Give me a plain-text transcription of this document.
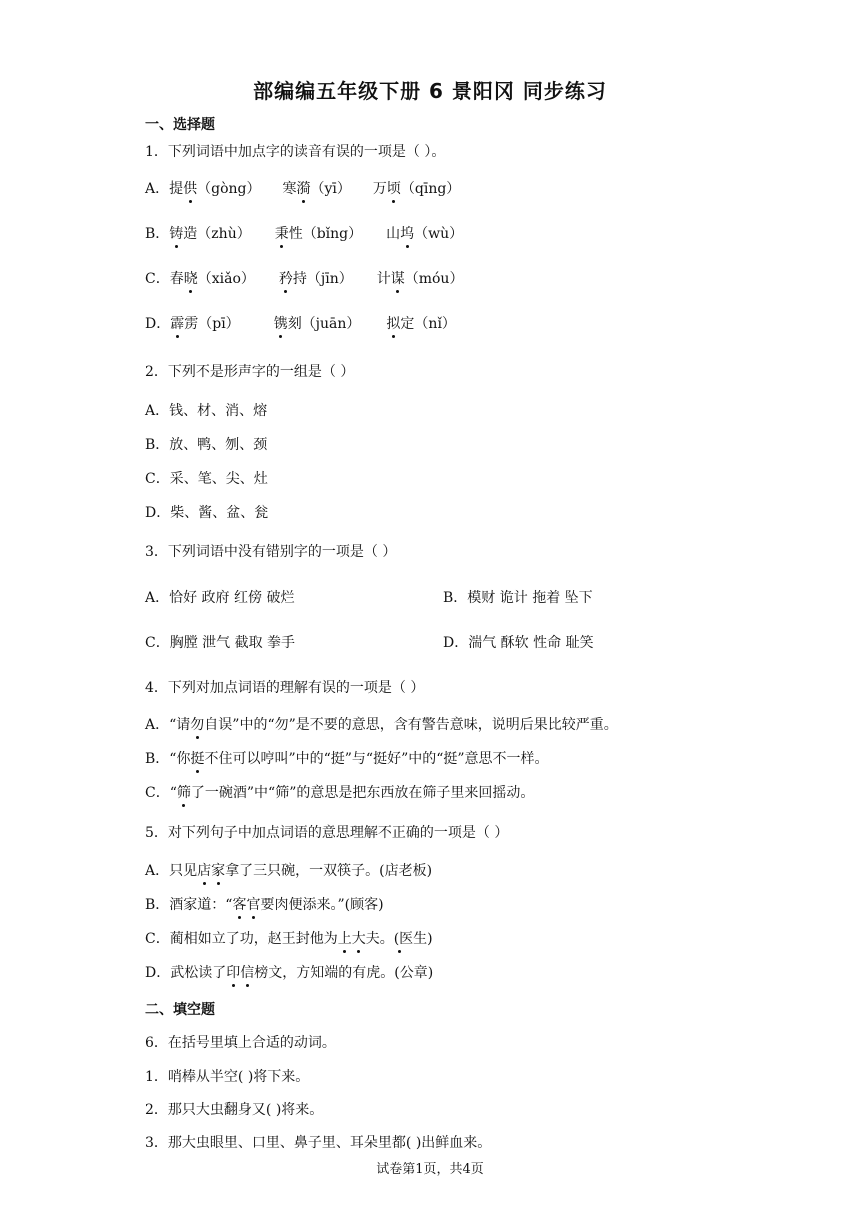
部编编五年级下册 6 景阳冈 同步练习
一、选择题
1．下列词语中加点字的读音有误的一项是（ ）。
A．提供（gòng） 寒漪（yī） 万顷（qīng）
B．铸造（zhù） 秉性（bǐng） 山坞（wù）
C．春晓（xiǎo） 矜持（jīn） 计谋（móu）
D．霹雳（pī） 镌刻（juān） 拟定（nǐ）
2．下列不是形声字的一组是（ ）
A．钱、材、消、熔
B．放、鸭、刎、颈
C．采、笔、尖、灶
D．柴、酱、盆、瓮
3．下列词语中没有错别字的一项是（ ）
A．恰好 政府 红傍 破烂	B．模财 诡计 拖着 坠下
C．胸膛 泄气 截取 拳手	D．湍气 酥软 性命 耻笑
4．下列对加点词语的理解有误的一项是（ ）
A．“请勿自误”中的“勿”是不要的意思，含有警告意味，说明后果比较严重。
B．“你挺不住可以哼叫”中的“挺”与“挺好”中的“挺”意思不一样。
C．“筛了一碗酒”中“筛”的意思是把东西放在筛子里来回摇动。
5．对下列句子中加点词语的意思理解不正确的一项是（ ）
A．只见店家拿了三只碗，一双筷子。(店老板)
B．酒家道：“客官要肉便添来。”(顾客)
C．蔺相如立了功，赵王封他为上大夫。(医生)
D．武松读了印信榜文，方知端的有虎。(公章)
二、填空题
6．在括号里填上合适的动词。
1．哨棒从半空( )将下来。
2．那只大虫翻身又( )将来。
3．那大虫眼里、口里、鼻子里、耳朵里都( )出鲜血来。
试卷第1页，共4页
